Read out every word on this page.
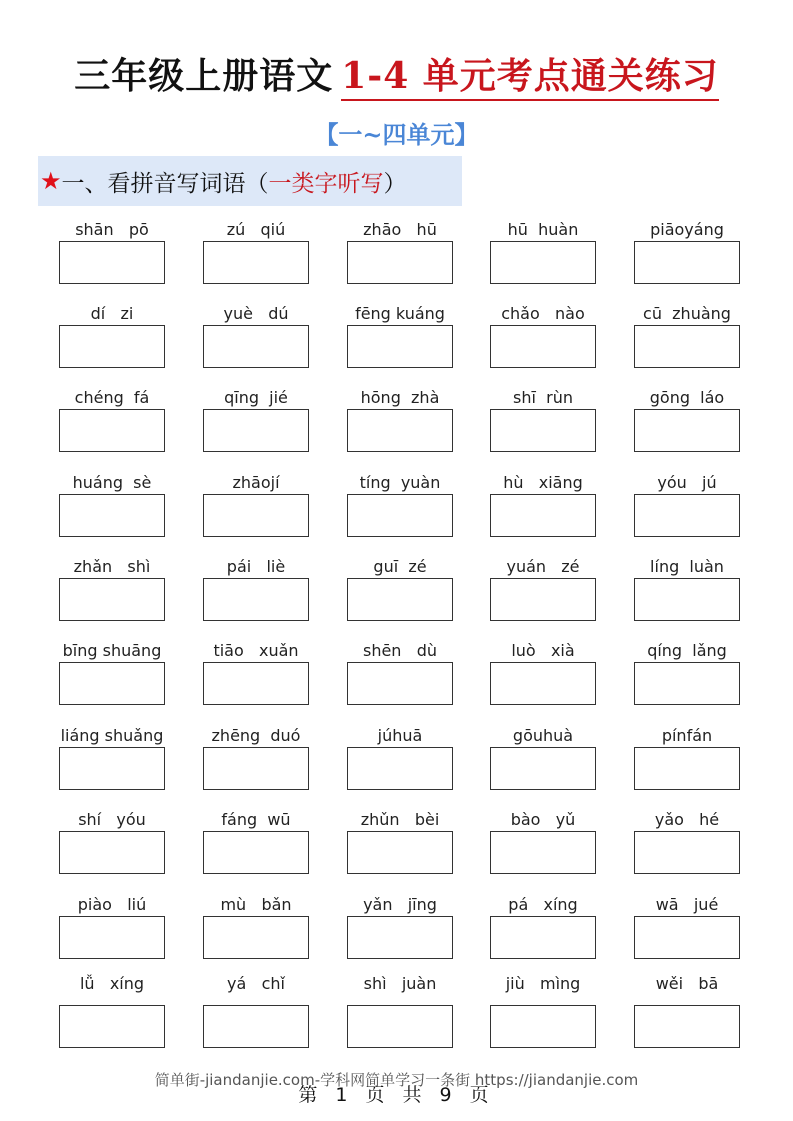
三年级上册语文 1-4 单元考点通关练习
【一~四单元】
★ 一、看拼音写词语（ 一类字听写 ）
shān   pō	zú   qiú	zhāo   hū	hū  huàn	piāoyáng
dí   zi	yuè   dú	fēng kuáng	chǎo   nào	cū  zhuàng
chéng  fá	qīng  jié	hōng  zhà	shī  rùn	gōng  láo
huáng  sè	zhāojí	tíng  yuàn	hù   xiāng	yóu   jú
zhǎn   shì	pái   liè	guī  zé	yuán   zé	líng  luàn
bīng shuāng	tiāo   xuǎn	shēn   dù	luò   xià	qíng  lǎng
liáng shuǎng	zhēng  duó	júhuā	gōuhuà	pínfán
shí   yóu	fáng  wū	zhǔn   bèi	bào   yǔ	yǎo   hé
piào   liú	mù   bǎn	yǎn   jīng	pá   xíng	wā   jué
lǚ   xíng	yá   chǐ	shì   juàn	jiù   mìng	wěi   bā
简单街-jiandanjie.com-学科网简单学习一条街 https://jiandanjie.com
第 1 页 共 9 页
